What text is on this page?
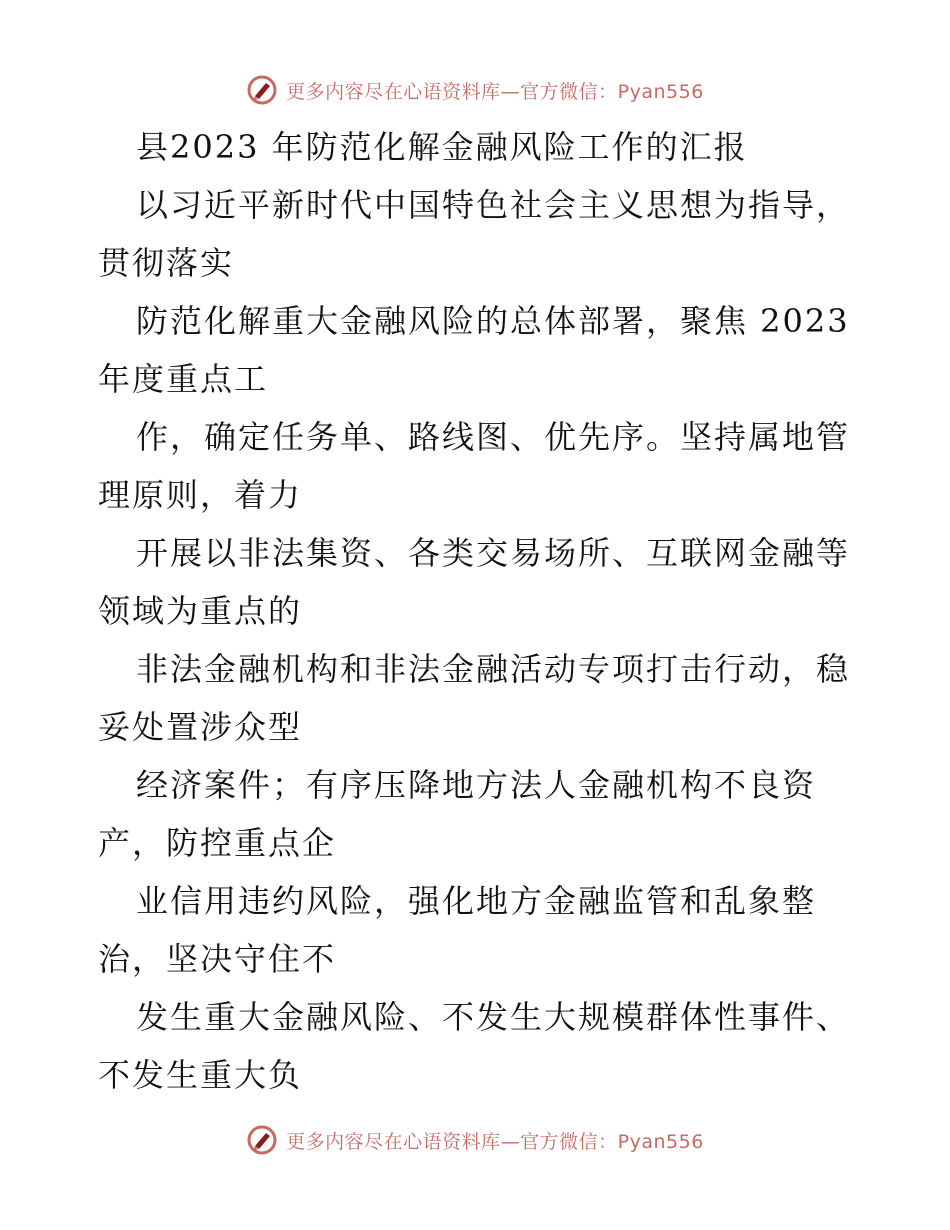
更多内容尽在心语资料库—官方微信：Pyan556
县2023 年防范化解金融风险工作的汇报
以习近平新时代中国特色社会主义思想为指导，
贯彻落实
防范化解重大金融风险的总体部署，聚焦 2023
年度重点工
作，确定任务单、路线图、优先序。坚持属地管
理原则，着力
开展以非法集资、各类交易场所、互联网金融等
领域为重点的
非法金融机构和非法金融活动专项打击行动，稳
妥处置涉众型
经济案件；有序压降地方法人金融机构不良资
产，防控重点企
业信用违约风险，强化地方金融监管和乱象整
治，坚决守住不
发生重大金融风险、不发生大规模群体性事件、
不发生重大负
更多内容尽在心语资料库—官方微信：Pyan556
